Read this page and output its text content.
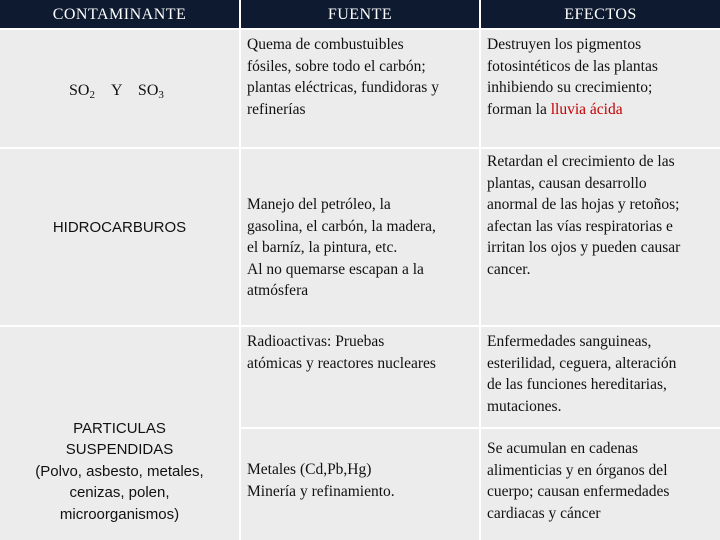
CONTAMINANTE	FUENTE	EFECTOS
$SO_2$ Y $SO_3$
Quema de combustuibles
fósiles, sobre todo el carbón;
plantas eléctricas, fundidoras y
refinerías
Destruyen los pigmentos
fotosintéticos de las plantas
inhibiendo su crecimiento;
forman la lluvia ácida
HIDROCARBUROS
Manejo del petróleo, la
gasolina, el carbón, la madera,
el barníz, la pintura, etc.
Al no quemarse escapan a la
atmósfera
Retardan el crecimiento de las
plantas, causan desarrollo
anormal de las hojas y retoños;
afectan las vías respiratorias e
irritan los ojos y pueden causar
cancer.
PARTICULAS
SUSPENDIDAS
(Polvo, asbesto, metales,
cenizas, polen,
microorganismos)
Radioactivas: Pruebas
atómicas y reactores nucleares
Enfermedades sanguineas,
esterilidad, ceguera, alteración
de las funciones hereditarias,
mutaciones.
Metales (Cd,Pb,Hg)
Minería y refinamiento.
Se acumulan en cadenas
alimenticias y en órganos del
cuerpo; causan enfermedades
cardiacas y cáncer
